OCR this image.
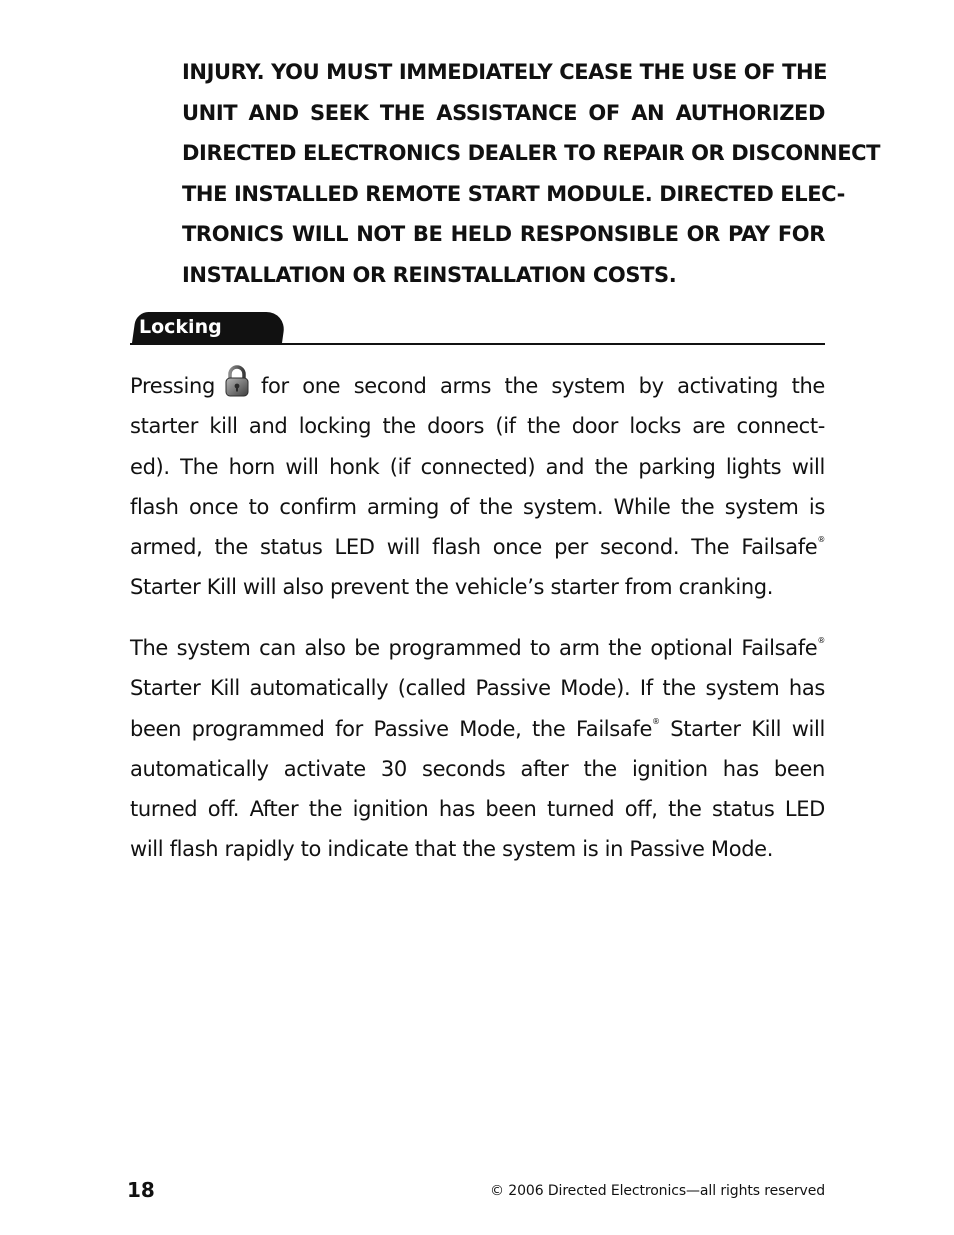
INJURY. YOU MUST IMMEDIATELY CEASE THE USE OF THE
UNIT AND SEEK THE ASSISTANCE OF AN AUTHORIZED
DIRECTED ELECTRONICS DEALER TO REPAIR OR DISCONNECT
THE INSTALLED REMOTE START MODULE. DIRECTED ELEC-
TRONICS WILL NOT BE HELD RESPONSIBLE OR PAY FOR
INSTALLATION OR REINSTALLATION COSTS.
Locking
Pressing for one second arms the system by activating the
starter kill and locking the doors (if the door locks are connect-
ed). The horn will honk (if connected) and the parking lights will
flash once to confirm arming of the system. While the system is
armed, the status LED will flash once per second. The Failsafe®
Starter Kill will also prevent the vehicle’s starter from cranking.
The system can also be programmed to arm the optional Failsafe®
Starter Kill automatically (called Passive Mode). If the system has
been programmed for Passive Mode, the Failsafe® Starter Kill will
automatically activate 30 seconds after the ignition has been
turned off. After the ignition has been turned off, the status LED
will flash rapidly to indicate that the system is in Passive Mode.
18	© 2006 Directed Electronics—all rights reserved
